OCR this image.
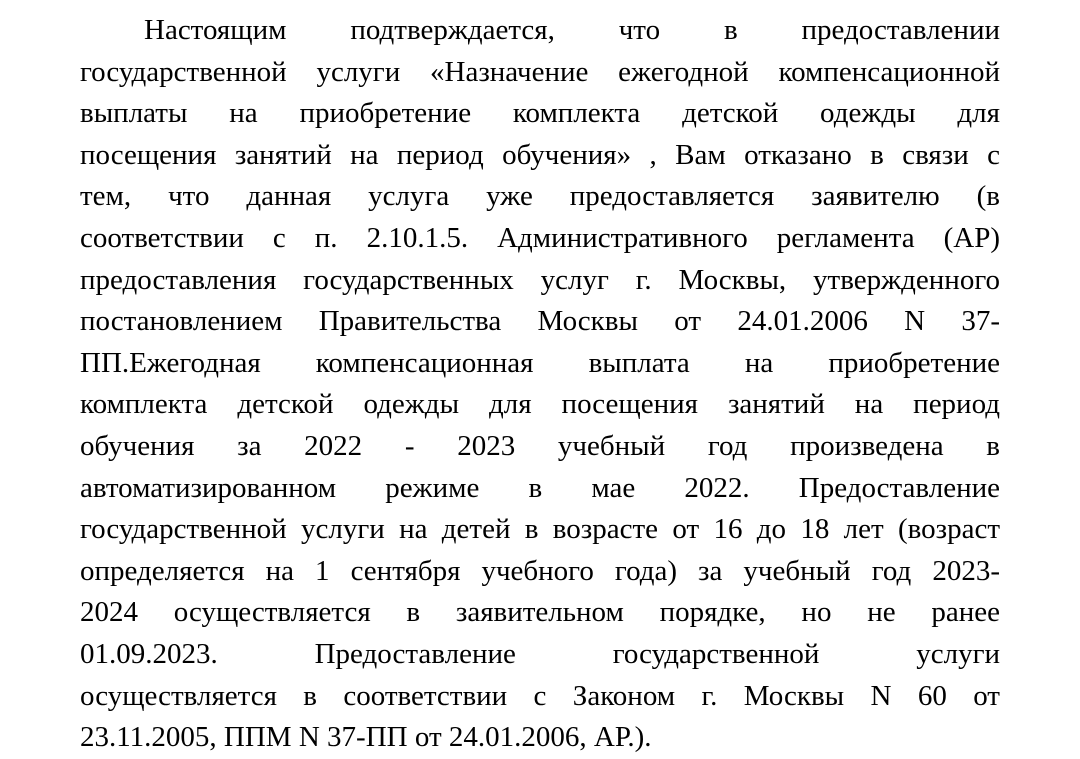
Настоящим подтверждается, что в предоставлении
государственной услуги «Назначение ежегодной компенсационной
выплаты на приобретение комплекта детской одежды для
посещения занятий на период обучения» , Вам отказано в связи с
тем, что данная услуга уже предоставляется заявителю (в
соответствии с п. 2.10.1.5. Административного регламента (АР)
предоставления государственных услуг г. Москвы, утвержденного
постановлением Правительства Москвы от 24.01.2006 N 37-
ПП.Ежегодная компенсационная выплата на приобретение
комплекта детской одежды для посещения занятий на период
обучения за 2022 - 2023 учебный год произведена в
автоматизированном режиме в мае 2022. Предоставление
государственной услуги на детей в возрасте от 16 до 18 лет (возраст
определяется на 1 сентября учебного года) за учебный год 2023-
2024 осуществляется в заявительном порядке, но не ранее
01.09.2023. Предоставление государственной услуги
осуществляется в соответствии с Законом г. Москвы N 60 от
23.11.2005, ППМ N 37-ПП от 24.01.2006, АР.).
